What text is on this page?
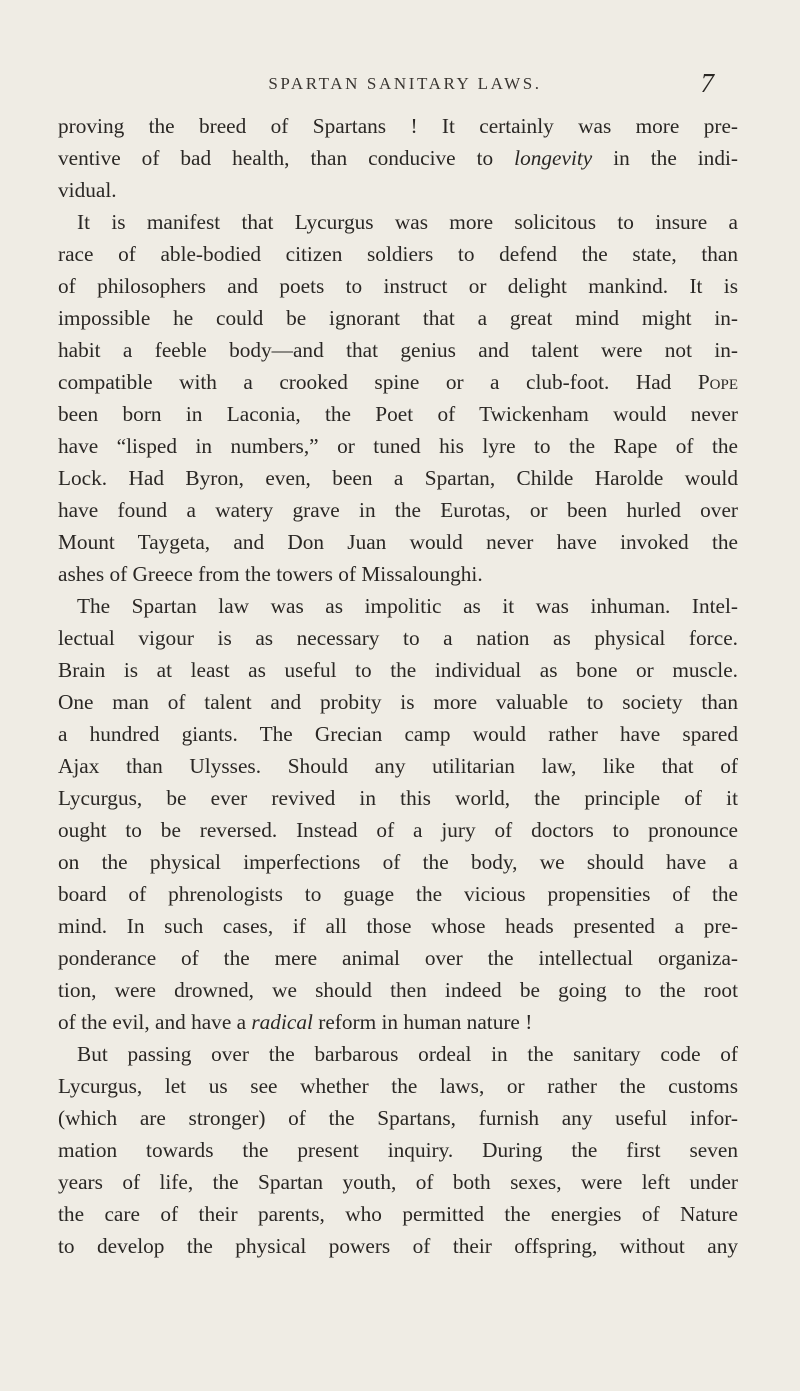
SPARTAN SANITARY LAWS.	7
proving the breed of Spartans ! It certainly was more pre-
ventive of bad health, than conducive to longevity in the indi-
vidual.
It is manifest that Lycurgus was more solicitous to insure a
race of able-bodied citizen soldiers to defend the state, than
of philosophers and poets to instruct or delight mankind. It is
impossible he could be ignorant that a great mind might in-
habit a feeble body—and that genius and talent were not in-
compatible with a crooked spine or a club-foot. Had Pope
been born in Laconia, the Poet of Twickenham would never
have “lisped in numbers,” or tuned his lyre to the Rape of the
Lock. Had Byron, even, been a Spartan, Childe Harolde would
have found a watery grave in the Eurotas, or been hurled over
Mount Taygeta, and Don Juan would never have invoked the
ashes of Greece from the towers of Missalounghi.
The Spartan law was as impolitic as it was inhuman. Intel-
lectual vigour is as necessary to a nation as physical force.
Brain is at least as useful to the individual as bone or muscle.
One man of talent and probity is more valuable to society than
a hundred giants. The Grecian camp would rather have spared
Ajax than Ulysses. Should any utilitarian law, like that of
Lycurgus, be ever revived in this world, the principle of it
ought to be reversed. Instead of a jury of doctors to pronounce
on the physical imperfections of the body, we should have a
board of phrenologists to guage the vicious propensities of the
mind. In such cases, if all those whose heads presented a pre-
ponderance of the mere animal over the intellectual organiza-
tion, were drowned, we should then indeed be going to the root
of the evil, and have a radical reform in human nature !
But passing over the barbarous ordeal in the sanitary code of
Lycurgus, let us see whether the laws, or rather the customs
(which are stronger) of the Spartans, furnish any useful infor-
mation towards the present inquiry. During the first seven
years of life, the Spartan youth, of both sexes, were left under
the care of their parents, who permitted the energies of Nature
to develop the physical powers of their offspring, without any
